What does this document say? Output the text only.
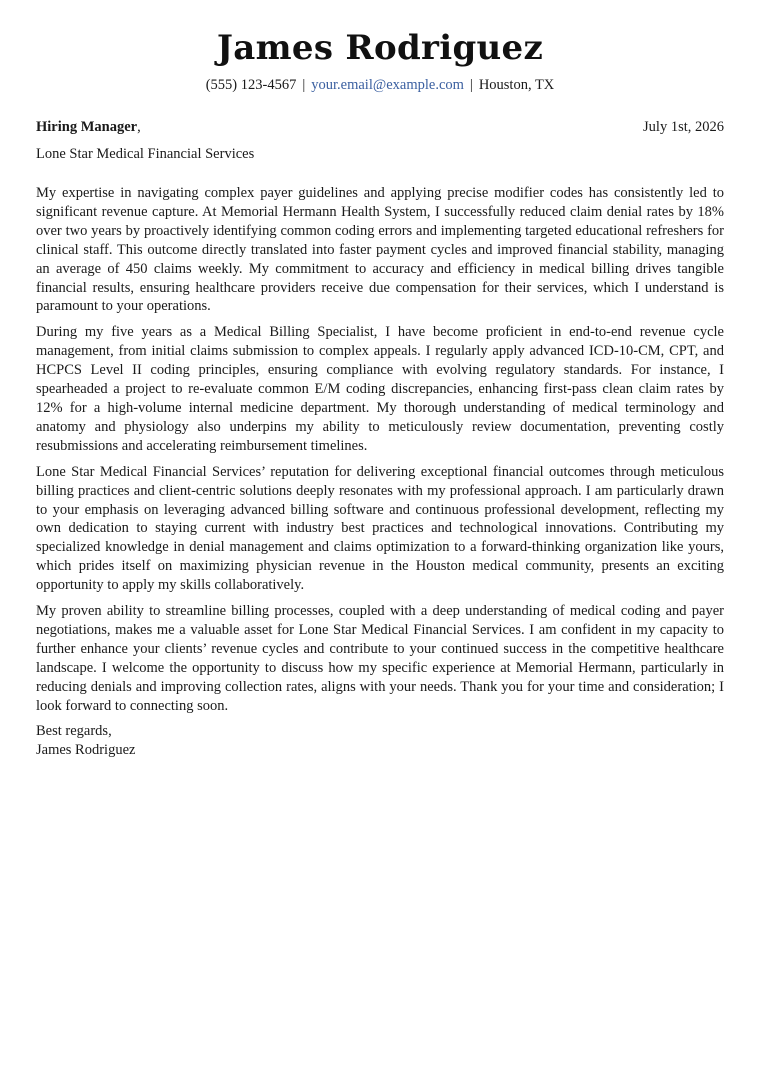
James Rodriguez
(555) 123-4567 | your.email@example.com | Houston, TX
Hiring Manager,	July 1st, 2026
Lone Star Medical Financial Services

My expertise in navigating complex payer guidelines and applying precise modifier codes has consistently led to significant revenue capture. At Memorial Hermann Health System, I successfully reduced claim denial rates by 18% over two years by proactively identifying common coding errors and implementing targeted educational refreshers for clinical staff. This outcome directly translated into faster payment cycles and improved financial stability, managing an average of 450 claims weekly. My commitment to accuracy and efficiency in medical billing drives tangible financial results, ensuring healthcare providers receive due compensation for their services, which I understand is paramount to your operations.

During my five years as a Medical Billing Specialist, I have become proficient in end-to-end revenue cycle management, from initial claims submission to complex appeals. I regularly apply advanced ICD-10-CM, CPT, and HCPCS Level II coding principles, ensuring compliance with evolving regulatory standards. For instance, I spearheaded a project to re-evaluate common E/M coding discrepancies, enhancing first-pass clean claim rates by 12% for a high-volume internal medicine department. My thorough understanding of medical terminology and anatomy and physiology also underpins my ability to meticulously review documentation, preventing costly resubmissions and accelerating reimbursement timelines.

Lone Star Medical Financial Services’ reputation for delivering exceptional financial outcomes through meticulous billing practices and client-centric solutions deeply resonates with my professional approach. I am particularly drawn to your emphasis on leveraging advanced billing software and continuous professional development, reflecting my own dedication to staying current with industry best practices and technological innovations. Contributing my specialized knowledge in denial management and claims optimization to a forward-thinking organization like yours, which prides itself on maximizing physician revenue in the Houston medical community, presents an exciting opportunity to apply my skills collaboratively.

My proven ability to streamline billing processes, coupled with a deep understanding of medical coding and payer negotiations, makes me a valuable asset for Lone Star Medical Financial Services. I am confident in my capacity to further enhance your clients’ revenue cycles and contribute to your continued success in the competitive healthcare landscape. I welcome the opportunity to discuss how my specific experience at Memorial Hermann, particularly in reducing denials and improving collection rates, aligns with your needs. Thank you for your time and consideration; I look forward to connecting soon.

Best regards,
James Rodriguez
